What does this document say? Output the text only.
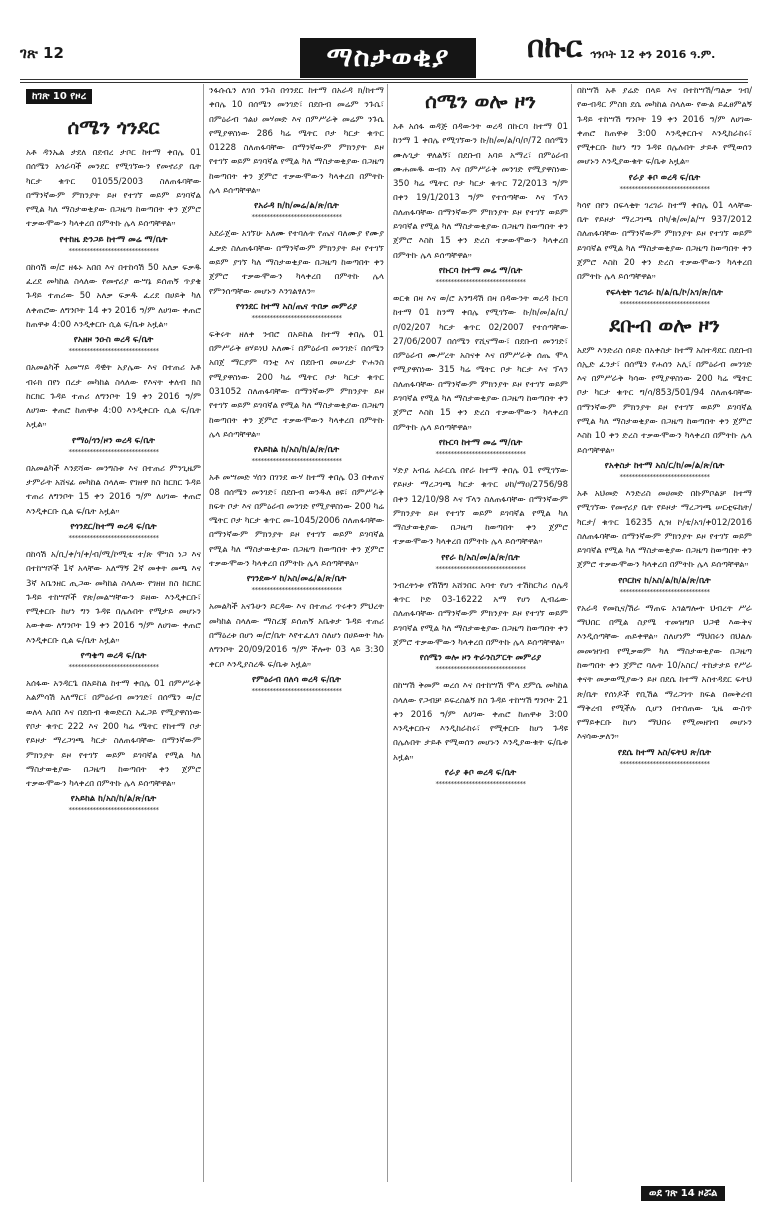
ገጽ 12	ማስታወቂያ	በኩር ኅንቦት 12 ቀን 2016 ዓ.ም.
ከገጽ 10 የዞረ
ሰሜን ጎንደር

አቶ ዳንኤል ታደለ በደብረ ታቦር ከተማ ቀበሌ 01 በሰሜን አጎራባች መንደር የሚገኘውን የመኖሪያ ቤት ካርታ ቁጥር 01055/2003 ስለጠፋባቸው በማንኛውም ምክንያት ይዞ የተገኘ ወይም ይገባኛል የሚል ካለ ማስታወቂያው በጋዜጣ ከወጣበት ቀን ጀምሮ ተቃውሞውን ካላቀረበ በምትኩ ሌላ ይሰጣቸዋል።

የተከዜ ድንጋይ ከተማ መሬ ማ/ቤት
******************************

በከሳሽ ወ/ሮ ዘፋኑ አበበ እና በተከሳሽ 50 አለቃ ፍቃዱ ፈረደ መካከል ስላለው የመኖሪያ ውሣኔ ይሰጠኝ ጥያቄ ጉዳይ ተጠሪው 50 አለቃ ፍቃዱ ፈረደ በሀይቅ ካለ ለቀጠሮው ለግንቦት 14 ቀን 2016 ዓ/ም ለሀገው ቀጠሮ ከጠዋቱ 4:00 እንዲቀርቡ ሲል ፍ/ቤቱ አዟል።

የአዘዞ ንዑስ ወረዳ ፍ/ቤት
******************************

በአመልካች አመሣይ ዳዊት አያሌው እና በተጠሪ አቶ ብሩክ በየነ በረታ መካከል ስላለው የእናት ቀለብ ክስ ከርክር ጉዳይ ተጠሪ ለግንቦት 19 ቀን 2016 ዓ/ም ለሀገው ቀጠሮ ከጠዋቱ 4:00 እንዲቀርቡ ሲል ፍ/ቤት አዟል።

የማዕ/ጎን/ዞን ወረዳ ፍ/ቤት
******************************

በአመልካች እንደሻው መንግስቱ እና በተጠሪ ምንጊዜም ታምራት አሸናፊ መካከል ስላለው የገዘዋ ክስ ከርክር ጉዳይ ተጠሪ ለግንቦት 15 ቀን 2016 ዓ/ም ለሀገው ቀጠሮ እንዲቀርቡ ሲል ፍ/ቤት አዟል።

የጎንደር/ከተማ ወረዳ ፍ/ቤት
******************************

በከሳሽ አ/ቢ/ቀ/ገ/ቀ/ብ/ሚ/ኮሚቴ ተ/ጽ ሞገስ ነጋ እና በተከሣሾች 1ኛ አላቸው አለማኝ 2ኛ መቀት መጫ እና 3ኛ አቤንዘር ጢጋው መካከል ስላለው የገዘዘ ክስ ከርክር ጉዳይ ተከሣሾች የጽ/መልሣቸውን ይዘው እንዲቀርቡ፣ የሚቀርቡ ከሆነ ግን ጉዳዩ በሌሉበት የሚታይ መሆኑን አውቀው ለግንቦት 19 ቀን 2016 ዓ/ም ለሀገው ቀጠሮ እንዲቀርቡ ሲል ፍ/ቤት አዟል።

የጣቄጣ ወረዳ ፍ/ቤት
******************************

አሰፋው አንዳርጌ በአይከል ከተማ ቀበሌ 01 በምሥራቅ አልምሳሽ አለማር፣ በምዕራብ መንገድ፣ በሰሜን ወ/ሮ ወለላ አበበ እና በደቡብ ቁወድርስ አፈጋይ የሚያዋስነው የቦታ ቁጥር 222 እና 200 ካሬ ሜትር የከተማ ቦታ የይዞታ ማረጋገጫ ካርታ ስለጠፋባቸው በማንኛውም ምክንያት ይዞ የተገኘ ወይም ይገባኛል የሚል ካለ ማስታወቂያው በጋዜጣ ከወጣበት ቀን ጀምሮ ተቃውሞውን ካላቀረበ በምትኩ ሌላ ይሰጣቸዋል።

የአይከል ከ/አስ/ከ/ል/ጽ/ቤት
******************************

ንፋሱሴን ለገሰ ንጉስ በጎንደር ከተማ በአራዳ ክ/ከተማ ቀበሌ 10 በሰሜን መንገድ፣ በደቡብ መሬም ንጉሴ፣ በምዕራብ ኅልሀ መሃመድ እና በምሥራቅ መሬም ንጉሴ የሚያዋስነው 286 ካሬ ሜትር ቦታ ካርታ ቁጥር 01228 ስለጠፋባቸው በማንኛውም ምክንያት ይዞ የተገኘ ወይም ይገባኛል የሚል ካለ ማስታወቂያው በጋዜጣ ከወጣበት ቀን ጀምሮ ተቃውሞውን ካላቀረበ በምትኩ ሌላ ይሰጣቸዋል።

የአራዳ ክ/ከ/መሬ/ል/ጽ/ቤት
******************************

አደራጀው አገኘሁ አለሙ የተባሉት የጤና ባለሙያ የሙያ ፈቃድ ስለጠፋባቸው በማንኛውም ምክንያት ይዞ የተገኘ ወይም ያገኘ ካለ ማስታወቂያው በጋዜጣ ከወጣበት ቀን ጀምሮ ተቃውሞውን ካላቀረበ በምትኩ ሌላ የምንሰጣቸው መሆኑን እንገልፃለን።

የጎንደር ከተማ አስ/ጤና ጥበቃ መምሪያ
******************************

ፍቅሩት ዘለቀ ንብሮ በአይከል ከተማ ቀበሌ 01 በምሥራቅ ፀሃይነህ አለሙ፣ በምዕራብ መንገድ፣ በሰሜን አበጀ ማርያም ባንቲ እና በደቡብ መሠረታ ዮሐንስ የሚያዋስነው 200 ካሬ ሜትር ቦታ ካርታ ቁጥር 031052 ስለጠፋባቸው በማንኛውም ምክንያት ይዞ የተገኘ ወይም ይገባኛል የሚል ካለ ማስታወቂያው በጋዜጣ ከወጣበት ቀን ጀምሮ ተቃውሞውን ካላቀረበ በምትኩ ሌላ ይሰጣቸዋል።

የአይከል ከ/አስ/ከ/ል/ጽ/ቤት
******************************

አቶ መሣመድ ሃሰን በገንደ ውሃ ከተማ ቀበሌ 03 በቀጠና 08 በሰሜን መንገድ፣ በደቡብ ወንዱለ ፀዩ፣ በምሥራቅ ክፍት ቦታ እና በምዕራብ መንገድ የሚያዋስነው 200 ካሬ ሜትር ቦታ ካርታ ቁጥር መ-1045/2006 ስለጠፋባቸው በማንኛውም ምክንያት ይዞ የተገኘ ወይም ይገባኛል የሚል ካለ ማስታወቂያው በጋዜጣ ከወጣበት ቀን ጀምሮ ተቃውሞውን ካላቀረበ በምትኩ ሌላ ይሰጣቸዋል።

የገንደውሃ ከ/አስ/መሬ/ል/ጽ/ቤት
******************************

አመልካች አናጉሁን ይርዳው እና በተጠሪ ጥሩቀን ምህረት መካከል ስላለው ማስረጃ ይሰጠኝ አቤቱታ ጉዳይ ተጠሪ በማዕረቱ በሆነ ወ/ሮ/ቤት እየተፈለገ ስለሆነ በሀይወት ካሉ ለግንቦት 20/09/2016 ዓ/ም ችሎት 03 ላይ 3:30 ቀርቦ እንዲያስረዱ ፍ/ቤቱ አዟል።

የምዕራብ በለሳ ወረዳ ፍ/ቤት
******************************
ሰሜን ወሎ ዞን

አቶ አሰፋ ወዳጅ በዳውንት ወረዳ በኩርባ ከተማ 01 ከንማ 1 ቀበሌ የሚገኘውን ኩ/ከ/መ/ል/ባ/ቦ/72 በሰሜን ሙሉጊታ ዋለልኝ፣ በደቡብ አባይ አማረ፣ በምዕራብ ሙሐመዱ ውብነ እና በምሥራቅ መንገድ የሚያዋስነው 350 ካሬ ሜትር ቦታ ካርታ ቁጥር 72/2013 ዓ/ም በቀን 19/1/2013 ዓ/ም የተሰጣቸው እና ፕላን ስለጠፋባቸው በማንኛውም ምክንያት ይዞ የተገኘ ወይም ይገባኛል የሚል ካለ ማስታወቂያው በጋዜጣ ከወጣበት ቀን ጀምሮ እስከ 15 ቀን ድረስ ተቃውሞውን ካላቀረበ በምትኩ ሌላ ይሰጣቸዋል።

የኩርባ ከተማ መሬ ማ/ቤት
******************************

ወርቁ በዛ እና ወ/ሮ አንግዳሽ በዛ በዳውንት ወረዳ ኩርባ ከተማ 01 ከንማ ቀበሌ የሚገኘው ኩ/ከ/መ/ል/ቢ/ቦ/02/207 ካርታ ቁጥር 02/2007 የተሰጣቸው 27/06/2007 በሰሜን የሺናማው፣ በደቡብ መንገድ፣ በምዕራብ ሙሥረት አስናቀ እና በምሥራቅ ሰጤ ሞላ የሚያዋስነው 315 ካሬ ሜትር ቦታ ካርታ እና ፕላን ስለጠፋባቸው በማንኛውም ምክንያት ይዞ የተገኘ ወይም ይገባኛል የሚል ካለ ማስታወቂያው በጋዜጣ ከወጣበት ቀን ጀምሮ እስከ 15 ቀን ድረስ ተቃውሞውን ካላቀረበ በምትኩ ሌላ ይሰጣቸዋል።

የኩርባ ከተማ መሬ ማ/ቤት
******************************

ሃድያ አብሬ አራርሴ በየራ ከተማ ቀበሌ 01 የሚገኘው የይዞታ ማረጋገጫ ካርታ ቁጥር ሀከ/ማዐ/2756/98 በቀን 12/10/98 እና ፕላን ስለጠፋባቸው በማንኛውም ምክንያት ይዞ የተገኘ ወይም ይገባኛል የሚል ካለ ማስታወቂያው በጋዜጣ ከወጣበት ቀን ጀምሮ ተቃውሞውን ካላቀረበ በምትኩ ሌላ ይሰጣቸዋል።

የየራ ከ/አስ/መ/ል/ጽ/ቤት
******************************

ንብረትነቱ የሽሽግ አሸንበር አባተ የሆነ ተሽከርካሪ ሰሌዳ ቁጥር ኮድ 03-16222 አማ የሆነ ሊብሬው ስለጠፋባቸው በማንኛውም ምክንያት ይዞ የተገኘ ወይም ይገባኛል የሚል ካለ ማስታወቂያው በጋዜጣ ከወጣበት ቀን ጀምሮ ተቃውሞውን ካላቀረበ በምትኩ ሌላ ይሰጣቸዋል።

የሰሜን ወሎ ዞን ትራንስፖርት መምሪያ
******************************

በከሣሽ ቅመም ወረሰ እና በተከሣሽ ሞላ ደምሴ መካከል ስላለው የጋብቻ ይፍረስልኝ ክስ ጉዳይ ተከሣሽ ግንቦት 21 ቀን 2016 ዓ/ም ለሀገው ቀጠሮ ከጠዋቱ 3:00 እንዲቀርቡና እንዲከራከሩ፣ የሚቀርቡ ከሆነ ጉዳዩ በሌሉበት ታይቶ የሚወሰን መሆኑን እንዲያውቁት ፍ/ቤቱ አዟል።

የራያ ቆቦ ወረዳ ፍ/ቤት
******************************

በከሣሽ አቶ ያሬድ በላይ እና በተከሣሽ/ጣልቃ ገብ/የውብዳር ምስክ ደሴ መካከል ስላለው የውል ይፈፀምልኝ ጉዳይ ተከሣሽ ግንቦት 19 ቀን 2016 ዓ/ም ለሀገው ቀጠሮ ከጠዋቱ 3:00 እንዲቀርቡና እንዲከራከሩ፣ የሚቀርቡ ከሆነ ግን ጉዳዩ በሌሉበት ታይቶ የሚወሰን መሆኑን እንዲያውቁት ፍ/ቤቱ አዟል።

የራያ ቆቦ ወረዳ ፍ/ቤት
******************************

ካሳየ በየን በፍላቂት ገረገራ ከተማ ቀበሌ 01 ላላቸው ቤት የይዞታ ማረጋገጫ በካ/ቁ/መ/ል/ሣ 937/2012 ስለጠፋባቸው በማንኛውም ምክንያት ይዞ የተገኘ ወይም ይገባኛል የሚል ካለ ማስታወቂያው በጋዜጣ ከወጣበት ቀን ጀምሮ እስከ 20 ቀን ድረስ ተቃውሞውን ካላቀረበ በምትኩ ሌላ ይሰጣቸዋል።

የፍላቂት ገረገራ ከ/ል/ቤ/ኮ/አገ/ጽ/ቤት
******************************
ደቡብ ወሎ ዞን

አደም እንድሪስ ሰይድ በአቀስታ ከተማ አስተዳደር በደቡብ ሰኢድ ፈንታ፣ በሰሜን የሐሰን አሊ፣ በምዕራብ መንገድ እና በምሥራቅ ካሳው የሚያዋስነው 200 ካሬ ሜትር ቦታ ካርታ ቁጥር ግ/ሳ/853/501/94 ስለጠፋባቸው በማንኛውም ምክንያት ይዞ የተገኘ ወይም ይገባኛል የሚል ካለ ማስታወቂያው በጋዜጣ ከወጣበት ቀን ጀምሮ እስከ 10 ቀን ድረስ ተቃውሞውን ካላቀረበ በምትኩ ሌላ ይሰጣቸዋል።

የአቀስታ ከተማ አስ/ር/ከ/መ/ል/ጽ/ቤት
******************************

አቶ አህመድ እንድሪስ መሀመድ በኩምቦልቻ ከተማ የሚገኘው የመኖሪያ ቤት የይዞታ ማረጋገጫ ሠርቲፍኬት/ካርታ/ ቁጥር 16235 ሊዝ ኮ/ቴ/አገ/ቀ012/2016 ስለጠፋባቸው በማንኛውም ምክንያት ይዞ የተገኘ ወይም ይገባኛል የሚል ካለ ማስታወቂያው በጋዜጣ ከወጣበት ቀን ጀምሮ ተቃውሞውን ካላቀረበ በምትኩ ሌላ ይሰጣቸዋል።

የቦርከና ከ/አስ/ል/ከ/ል/ጽ/ቤት
******************************

የአራዳ የመኪና/ሽራ ማጠፍ አገልግሎት ህብረት ሥራ ማህበር በሚል ስያሜ ተመዝግቦ ህጋዊ እውቅና እንዲሰጣቸው ጠይቀዋል። ስለሆነም ማህበሩን በህልሉ መመዝገብ የሚቃወም ካለ ማስታወቂያው በጋዜጣ ከወጣበት ቀን ጀምሮ ባሉት 10/አስር/ ተከታታይ የሥራ ቀናት መቃወሚያውን ይዞ በደሴ ከተማ አስተዳደር ፍትህ ጽ/ቤት የሰነዶች የቢሽል ማረጋገጥ ክፍል በመቅረብ ማቅረብ የሚችሉ ሲሆን በተሰጠው ጊዜ ውስጥ የማይቀርቡ ከሆነ ማህበሩ የሚመዘገብ መሆኑን እናሳውቃለን።

የደሴ ከተማ አስ/ፍትህ ጽ/ቤት
******************************
ወደ ገጽ 14 ዞሯል
